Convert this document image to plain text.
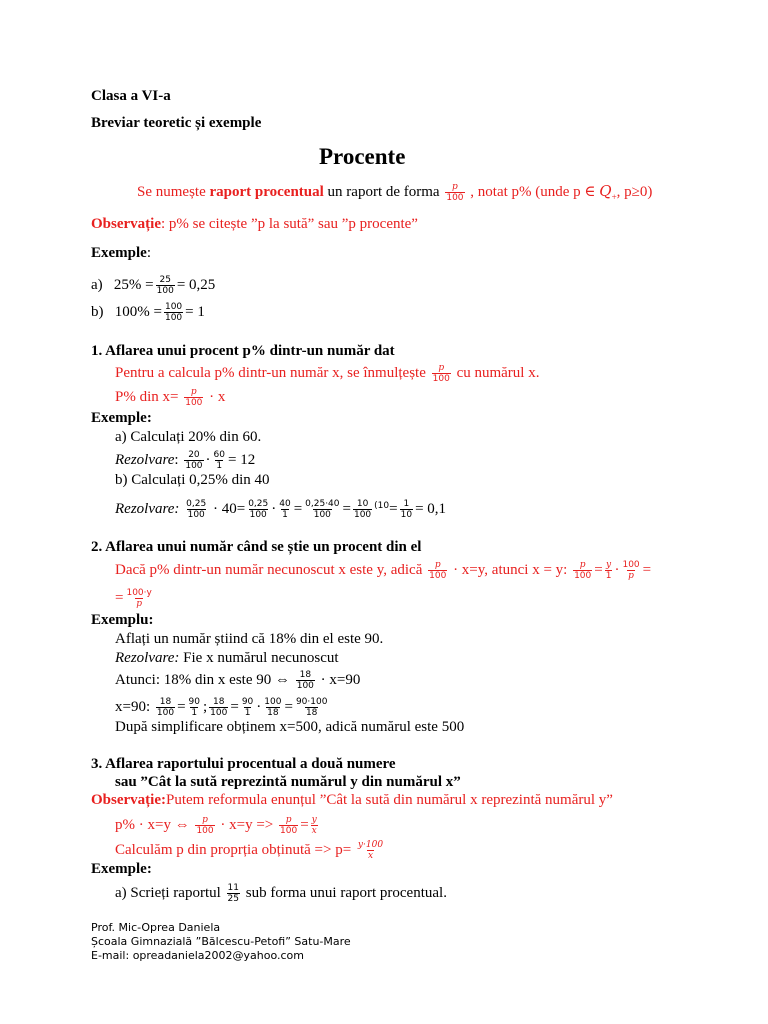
Clasa a VI-a
Breviar teoretic și exemple
Procente
Se numește raport procentual un raport de forma $\frac{p}{100}$ , notat p% (unde p ∈ $Q_+$, p≥0)
Observație: p% se citește ”p la sută” sau ”p procente”
Exemple:
a) $25\% = \frac{25}{100} = 0,25$
b) $100\% = \frac{100}{100} = 1$
1. Aflarea unui procent p% dintr-un număr dat
Pentru a calcula p% dintr-un număr x, se înmulțește $\frac{p}{100}$ cu numărul x.
P% din $x= \frac{p}{100} \cdot x$
Exemple:
a) Calculați 20% din 60.
Rezolvare: $\frac{20}{100} \cdot \frac{60}{1} = 12$
b) Calculați 0,25% din 40
Rezolvare: $\frac{0,25}{100} \cdot 40= \frac{0,25}{100} \cdot \frac{40}{1} = \frac{0,25\cdot 40}{100} = \frac{10}{100} ^{(10}= \frac{1}{10} = 0,1$
2. Aflarea unui număr când se știe un procent din el
Dacă p% dintr-un număr necunoscut x este y, adică $\frac{p}{100} \cdot x=y$, atunci x = y: $\frac{p}{100} = \frac{y}{1} \cdot \frac{100}{p}$ =
= $\frac{100\cdot y}{p}$
Exemplu:
Aflați un număr știind că 18% din el este 90.
Rezolvare: Fie x numărul necunoscut
Atunci: 18% din x este 90 ⇔ $\frac{18}{100} \cdot x=90$
x=90: $\frac{18}{100} = \frac{90}{1}$ ; $\frac{18}{100} = \frac{90}{1} \cdot \frac{100}{18} = \frac{90\cdot 100}{18}$
După simplificare obținem x=500, adică numărul este 500
3. Aflarea raportului procentual a două numere
sau ”Cât la sută reprezintă numărul y din numărul x”
Observație:Putem reformula enunțul ”Cât la sută din numărul x reprezintă numărul y”
p% · x=y ⇔ $\frac{p}{100} \cdot x=y => \frac{p}{100} = \frac{y}{x}$
Calculăm p din proprția obținută => $p= \frac{y\cdot 100}{x}$
Exemple:
a) Scrieți raportul $\frac{11}{25}$ sub forma unui raport procentual.
Prof. Mic-Oprea Daniela
Școala Gimnazială ”Bălcescu-Petofi” Satu-Mare
E-mail: opreadaniela2002@yahoo.com
